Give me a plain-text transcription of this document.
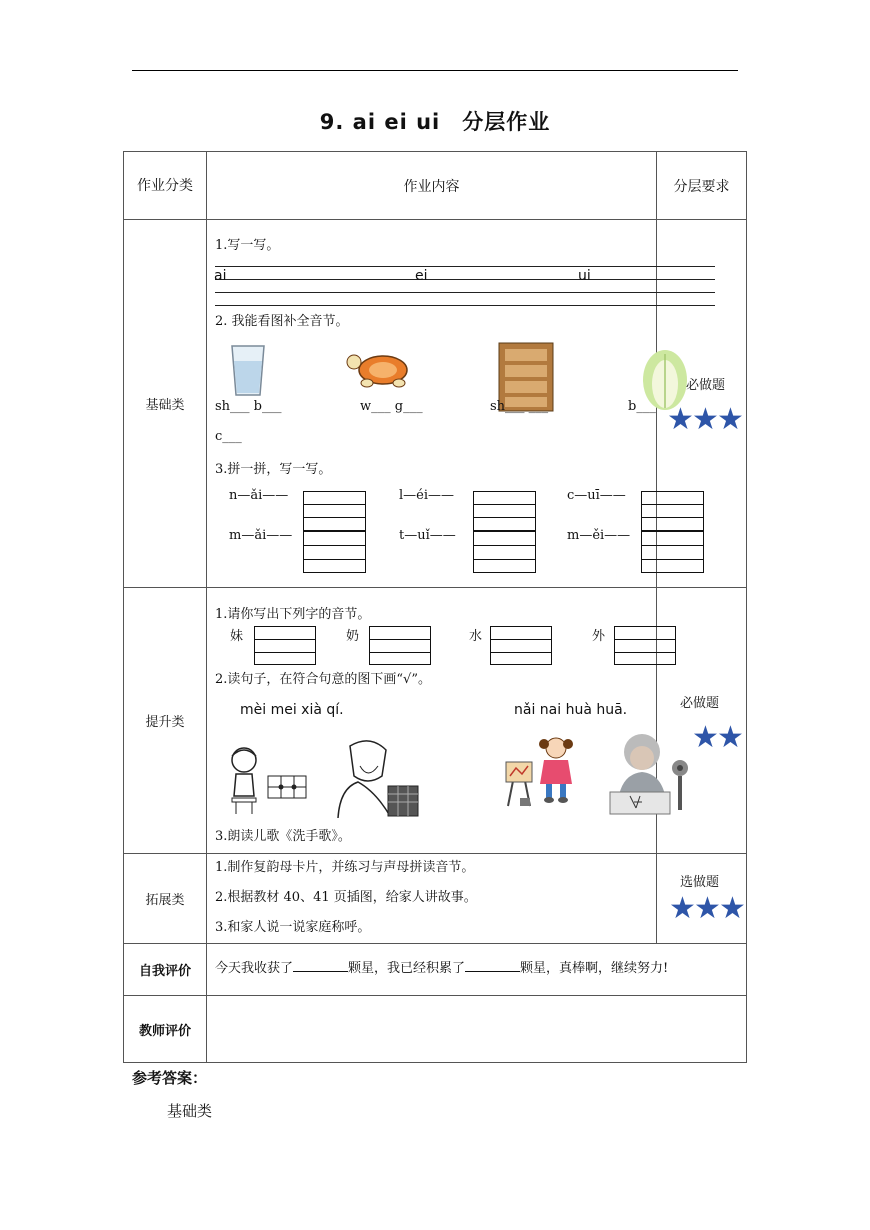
9. ai ei ui　分层作业
作业分类	作业内容	分层要求
基础类
1.写一写。
ai	ei	ui
2. 我能看图补全音节。
sh___ b___	w___ g___	sh___ ___	b___
c___
3.拼一拼，写一写。
n—ǎi——	l—éi——	c—uī——
m—ǎi——	t—uǐ——	m—ěi——
必做题
★
★
★
提升类
1.请你写出下列字的音节。
妹	奶	水	外
2.读句子，在符合句意的图下画“√”。
mèi mei xià qí.	nǎi nai huà huā.
3.朗读儿歌《洗手歌》。
必做题
★
★
拓展类
1.制作复韵母卡片，并练习与声母拼读音节。
2.根据教材 40、41 页插图，给家人讲故事。
3.和家人说一说家庭称呼。
选做题
★
★
★
自我评价	今天我收获了	颗星，我已经积累了	颗星，真棒啊，继续努力!
教师评价
参考答案：
基础类
